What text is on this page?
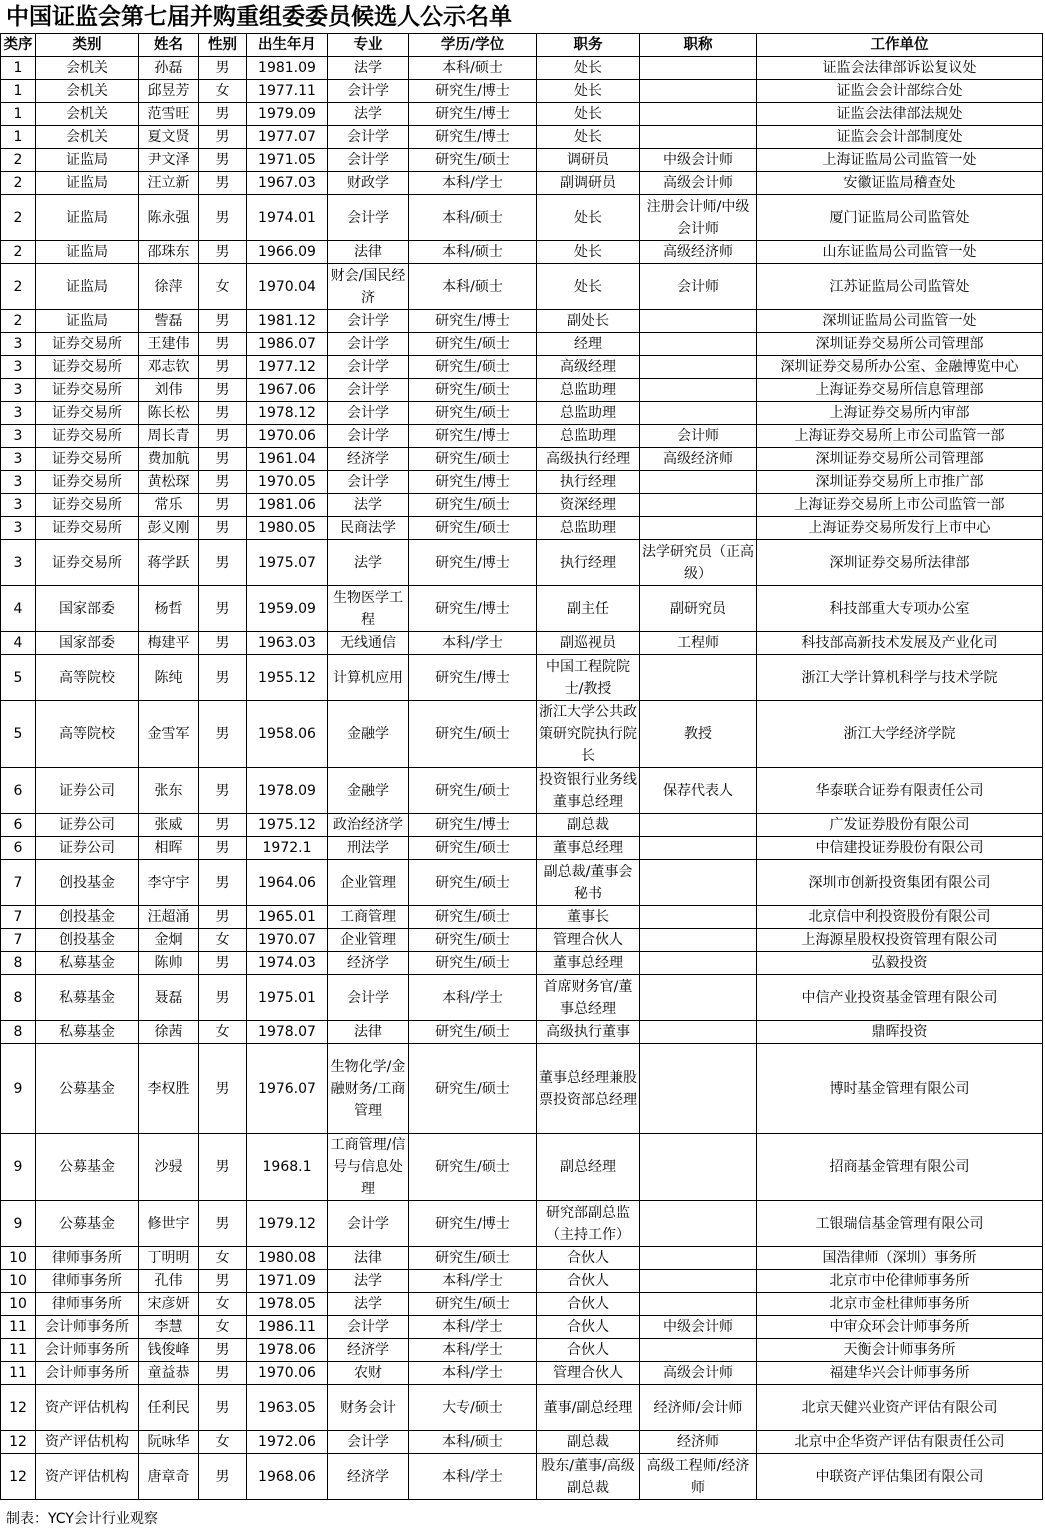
中国证监会第七届并购重组委委员候选人公示名单
类序	类别	姓名	性别	出生年月	专业	学历/学位	职务	职称	工作单位
1	会机关	孙磊	男	1981.09	法学	本科/硕士	处长		证监会法律部诉讼复议处
1	会机关	邱昱芳	女	1977.11	会计学	研究生/博士	处长		证监会会计部综合处
1	会机关	范雪旺	男	1979.09	法学	研究生/博士	处长		证监会法律部法规处
1	会机关	夏文贤	男	1977.07	会计学	研究生/博士	处长		证监会会计部制度处
2	证监局	尹文泽	男	1971.05	会计学	研究生/硕士	调研员	中级会计师	上海证监局公司监管一处
2	证监局	汪立新	男	1967.03	财政学	本科/学士	副调研员	高级会计师	安徽证监局稽查处
2	证监局	陈永强	男	1974.01	会计学	本科/硕士	处长	注册会计师/中级会计师	厦门证监局公司监管处
2	证监局	邵珠东	男	1966.09	法律	本科/硕士	处长	高级经济师	山东证监局公司监管一处
2	证监局	徐萍	女	1970.04	财会/国民经济	本科/硕士	处长	会计师	江苏证监局公司监管处
2	证监局	訾磊	男	1981.12	会计学	研究生/博士	副处长		深圳证监局公司监管一处
3	证券交易所	王建伟	男	1986.07	会计学	研究生/硕士	经理		深圳证券交易所公司管理部
3	证券交易所	邓志钦	男	1977.12	会计学	研究生/硕士	高级经理		深圳证券交易所办公室、金融博览中心
3	证券交易所	刘伟	男	1967.06	会计学	研究生/硕士	总监助理		上海证券交易所信息管理部
3	证券交易所	陈长松	男	1978.12	会计学	研究生/硕士	总监助理		上海证券交易所内审部
3	证券交易所	周长青	男	1970.06	会计学	研究生/博士	总监助理	会计师	上海证券交易所上市公司监管一部
3	证券交易所	费加航	男	1961.04	经济学	研究生/硕士	高级执行经理	高级经济师	深圳证券交易所公司管理部
3	证券交易所	黄松琛	男	1970.05	会计学	研究生/博士	执行经理		深圳证券交易所上市推广部
3	证券交易所	常乐	男	1981.06	法学	研究生/硕士	资深经理		上海证券交易所上市公司监管一部
3	证券交易所	彭义刚	男	1980.05	民商法学	研究生/硕士	总监助理		上海证券交易所发行上市中心
3	证券交易所	蒋学跃	男	1975.07	法学	研究生/博士	执行经理	法学研究员（正高级）	深圳证券交易所法律部
4	国家部委	杨哲	男	1959.09	生物医学工程	研究生/博士	副主任	副研究员	科技部重大专项办公室
4	国家部委	梅建平	男	1963.03	无线通信	本科/学士	副巡视员	工程师	科技部高新技术发展及产业化司
5	高等院校	陈纯	男	1955.12	计算机应用	研究生/博士	中国工程院院士/教授		浙江大学计算机科学与技术学院
5	高等院校	金雪军	男	1958.06	金融学	研究生/硕士	浙江大学公共政策研究院执行院长	教授	浙江大学经济学院
6	证券公司	张东	男	1978.09	金融学	研究生/硕士	投资银行业务线董事总经理	保荐代表人	华泰联合证券有限责任公司
6	证券公司	张威	男	1975.12	政治经济学	研究生/博士	副总裁		广发证券股份有限公司
6	证券公司	相晖	男	1972.1	刑法学	研究生/硕士	董事总经理		中信建投证券股份有限公司
7	创投基金	李守宇	男	1964.06	企业管理	研究生/硕士	副总裁/董事会秘书		深圳市创新投资集团有限公司
7	创投基金	汪超涌	男	1965.01	工商管理	研究生/硕士	董事长		北京信中利投资股份有限公司
7	创投基金	金炯	女	1970.07	企业管理	研究生/硕士	管理合伙人		上海源星股权投资管理有限公司
8	私募基金	陈帅	男	1974.03	经济学	研究生/硕士	董事总经理		弘毅投资
8	私募基金	聂磊	男	1975.01	会计学	本科/学士	首席财务官/董事总经理		中信产业投资基金管理有限公司
8	私募基金	徐茜	女	1978.07	法律	研究生/硕士	高级执行董事		鼎晖投资
9	公募基金	李权胜	男	1976.07	生物化学/金融财务/工商管理	研究生/硕士	董事总经理兼股票投资部总经理		博时基金管理有限公司
9	公募基金	沙骎	男	1968.1	工商管理/信号与信息处理	研究生/硕士	副总经理		招商基金管理有限公司
9	公募基金	修世宇	男	1979.12	会计学	研究生/博士	研究部副总监（主持工作）		工银瑞信基金管理有限公司
10	律师事务所	丁明明	女	1980.08	法律	研究生/硕士	合伙人		国浩律师（深圳）事务所
10	律师事务所	孔伟	男	1971.09	法学	本科/学士	合伙人		北京市中伦律师事务所
10	律师事务所	宋彦妍	女	1978.05	法学	研究生/硕士	合伙人		北京市金杜律师事务所
11	会计师事务所	李慧	女	1986.11	会计学	本科/学士	合伙人	中级会计师	中审众环会计师事务所
11	会计师事务所	钱俊峰	男	1978.06	经济学	本科/学士	合伙人		天衡会计师事务所
11	会计师事务所	童益恭	男	1970.06	农财	本科/学士	管理合伙人	高级会计师	福建华兴会计师事务所
12	资产评估机构	任利民	男	1963.05	财务会计	大专/硕士	董事/副总经理	经济师/会计师	北京天健兴业资产评估有限公司
12	资产评估机构	阮咏华	女	1972.06	会计学	本科/硕士	副总裁	经济师	北京中企华资产评估有限责任公司
12	资产评估机构	唐章奇	男	1968.06	经济学	本科/学士	股东/董事/高级副总裁	高级工程师/经济师	中联资产评估集团有限公司
制表：YCY会计行业观察
